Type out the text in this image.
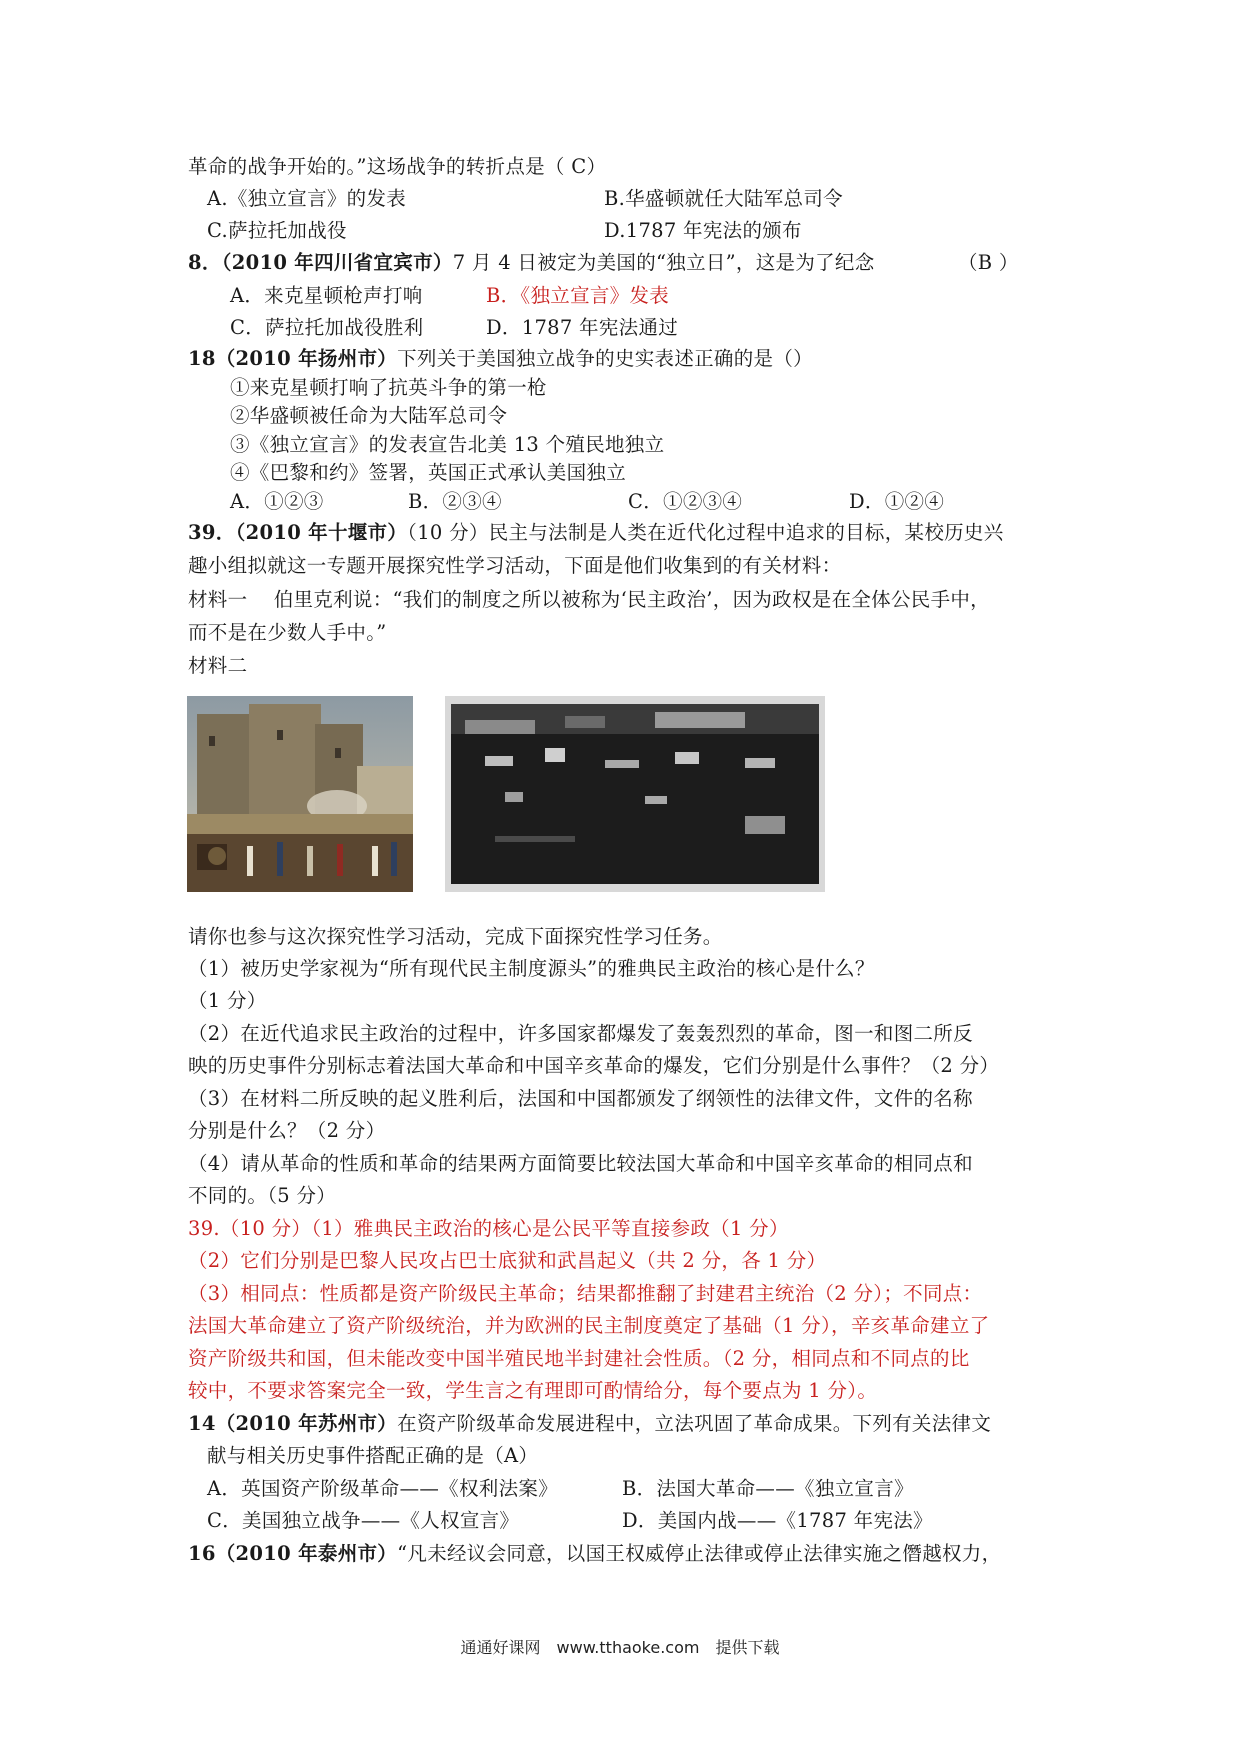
革命的战争开始的。”这场战争的转折点是（ C）
A.《独立宣言》的发表	B.华盛顿就任大陆军总司令
C.萨拉托加战役	D.1787 年宪法的颁布
8．（2010 年四川省宜宾市）7 月 4 日被定为美国的“独立日”，这是为了纪念	（B ）
A．来克星顿枪声打响	B．《独立宣言》发表
C．萨拉托加战役胜利	D．1787 年宪法通过
18（2010 年扬州市）下列关于美国独立战争的史实表述正确的是（）
①来克星顿打响了抗英斗争的第一枪
②华盛顿被任命为大陆军总司令
③《独立宣言》的发表宣告北美 13 个殖民地独立
④《巴黎和约》签署，英国正式承认美国独立
A．①②③	B．②③④	C．①②③④	D．①②④
39．（2010 年十堰市）（10 分）民主与法制是人类在近代化过程中追求的目标，某校历史兴
趣小组拟就这一专题开展探究性学习活动，下面是他们收集到的有关材料：
材料一　 伯里克利说：“我们的制度之所以被称为‘民主政治’，因为政权是在全体公民手中，
而不是在少数人手中。”
材料二
请你也参与这次探究性学习活动，完成下面探究性学习任务。
（1）被历史学家视为“所有现代民主制度源头”的雅典民主政治的核心是什么？
（1 分）
（2）在近代追求民主政治的过程中，许多国家都爆发了轰轰烈烈的革命，图一和图二所反
映的历史事件分别标志着法国大革命和中国辛亥革命的爆发，它们分别是什么事件？（2 分）
（3）在材料二所反映的起义胜利后，法国和中国都颁发了纲领性的法律文件，文件的名称
分别是什么？（2 分）
（4）请从革命的性质和革命的结果两方面简要比较法国大革命和中国辛亥革命的相同点和
不同的。（5 分）
39.（10 分）（1）雅典民主政治的核心是公民平等直接参政（1 分）
（2）它们分别是巴黎人民攻占巴士底狱和武昌起义（共 2 分，各 1 分）
（3）相同点：性质都是资产阶级民主革命；结果都推翻了封建君主统治（2 分）；不同点：
法国大革命建立了资产阶级统治，并为欧洲的民主制度奠定了基础（1 分），辛亥革命建立了
资产阶级共和国，但未能改变中国半殖民地半封建社会性质。（2 分，相同点和不同点的比
较中，不要求答案完全一致，学生言之有理即可酌情给分，每个要点为 1 分）。
14（2010 年苏州市）在资产阶级革命发展进程中，立法巩固了革命成果。下列有关法律文
献与相关历史事件搭配正确的是（A）
A．英国资产阶级革命——《权利法案》	B．法国大革命——《独立宣言》
C．美国独立战争——《人权宣言》	D．美国内战——《1787 年宪法》
16（2010 年泰州市）“凡未经议会同意，以国王权威停止法律或停止法律实施之僭越权力，
通通好课网　www.tthaoke.com　提供下载
